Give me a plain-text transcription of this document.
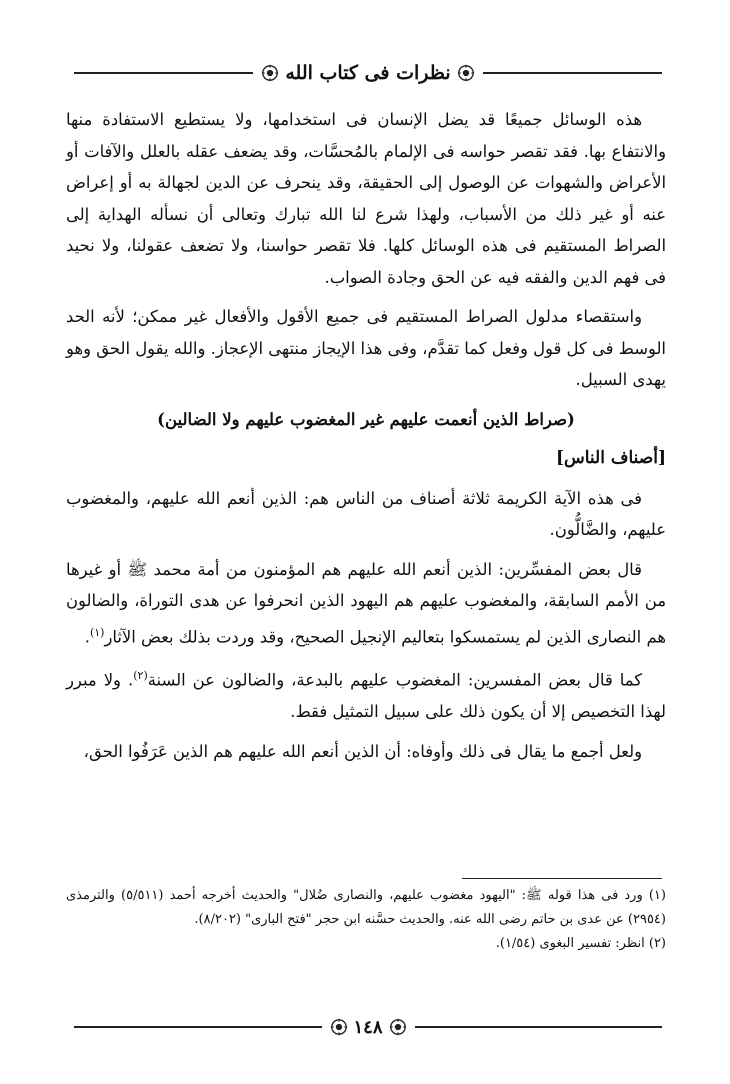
نظرات فى كتاب الله

هذه الوسائل جميعًا قد يضل الإنسان فى استخدامها، ولا يستطيع الاستفادة منها والانتفاع بها. فقد تقصر حواسه فى الإلمام بالمُحسَّات، وقد يضعف عقله بالعلل والآفات أو الأعراض والشهوات عن الوصول إلى الحقيقة، وقد ينحرف عن الدين لجهالة به أو إعراض عنه أو غير ذلك من الأسباب، ولهذا شرع لنا الله تبارك وتعالى أن نسأله الهداية إلى الصراط المستقيم فى هذه الوسائل كلها. فلا تقصر حواسنا، ولا تضعف عقولنا، ولا نحيد فى فهم الدين والفقه فيه عن الحق وجادة الصواب.

واستقصاء مدلول الصراط المستقيم فى جميع الأقول والأفعال غير ممكن؛ لأنه الحد الوسط فى كل قول وفعل كما تقدَّم، وفى هذا الإيجاز منتهى الإعجاز. والله يقول الحق وهو يهدى السبيل.

(صراط الذين أنعمت عليهم غير المغضوب عليهم ولا الضالين)

[أصناف الناس]

فى هذه الآية الكريمة ثلاثة أصناف من الناس هم: الذين أنعم الله عليهم، والمغضوب عليهم، والضَّالُّون.

قال بعض المفسِّرين: الذين أنعم الله عليهم هم المؤمنون من أمة محمد ﷺ أو غيرها من الأمم السابقة، والمغضوب عليهم هم اليهود الذين انحرفوا عن هدى التوراة، والضالون هم النصارى الذين لم يستمسكوا بتعاليم الإنجيل الصحيح، وقد وردت بذلك بعض الآثار$^{(١)}$.

كما قال بعض المفسرين: المغضوب عليهم بالبدعة، والضالون عن السنة$^{(٢)}$. ولا مبرر لهذا التخصيص إلا أن يكون ذلك على سبيل التمثيل فقط.

ولعل أجمع ما يقال فى ذلك وأوفاه: أن الذين أنعم الله عليهم هم الذين عَرَفُوا الحق،

(١) ورد فى هذا قوله ﷺ: "اليهود مغضوب عليهم، والنصارى ضُلال" والحديث أخرجه أحمد (٥/٥١١) والترمذى (٢٩٥٤) عن عدى بن حاتم رضى الله عنه. والحديث حسَّنه ابن حجر "فتح البارى" (٨/٢٠٢).

(٢) انظر: تفسير البغوى (١/٥٤).

١٤٨
